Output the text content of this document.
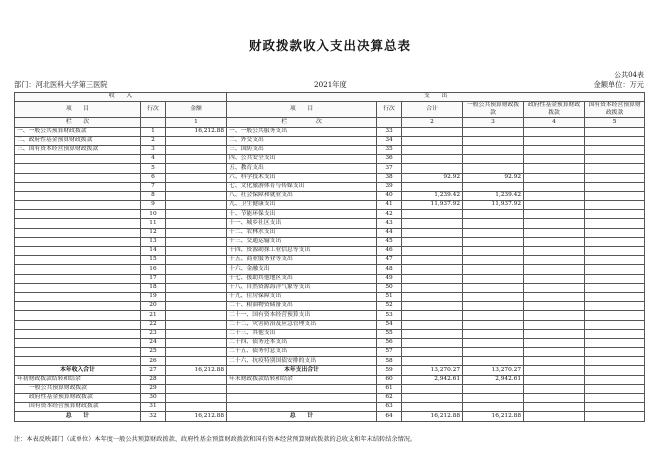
财政拨款收入支出决算总表
公共04表
部门：河北医科大学第三医院	2021年度	金额单位：万元
收　　入			支　　出					
项　　目	行次	金额	项　　目	行次	合计	一般公共预算财政拨款	政府性基金预算财政拨款	国有资本经营预算财政拨款
栏　　次		1	栏　　　　　次		2	3	4	5
一、一般公共预算财政拨款	1	16,212.88	一、一般公共服务支出	33				
二、政府性基金预算财政拨款	2		二、外交支出	34				
三、国有资本经营预算财政拨款	3		三、国防支出	35				
	4		四、公共安全支出	36				
	5		五、教育支出	37				
	6		六、科学技术支出	38	92.92	92.92		
	7		七、文化旅游体育与传媒支出	39				
	8		八、社会保障和就业支出	40	1,239.42	1,239.42		
	9		九、卫生健康支出	41	11,937.92	11,937.92		
	10		十、节能环保支出	42				
	11		十一、城乡社区支出	43				
	12		十二、农林水支出	44				
	13		十三、交通运输支出	45				
	14		十四、资源勘探工业信息等支出	46				
	15		十五、商业服务业等支出	47				
	16		十六、金融支出	48				
	17		十七、援助其他地区支出	49				
	18		十八、自然资源海洋气象等支出	50				
	19		十九、住房保障支出	51				
	20		二十、粮油物资储备支出	52				
	21		二十一、国有资本经营预算支出	53				
	22		二十二、灾害防治及应急管理支出	54				
	23		二十三、其他支出	55				
	24		二十四、债务还本支出	56				
	25		二十五、债务付息支出	57				
	26		二十六、抗疫特别国债安排的支出	58				
本年收入合计	27	16,212.88	本年支出合计	59	13,270.27	13,270.27		
年初财政拨款结转和结余	28		年末财政拨款结转和结余	60	2,942.61	2,942.61		
一般公共预算财政拨款	29			61				
政府性基金预算财政拨款	30			62				
国有资本经营预算财政拨款	31			63				
总　　计	32	16,212.88	总　　计	64	16,212.88	16,212.88		
注：本表反映部门（或单位）本年度一般公共预算财政拨款、政府性基金预算财政拨款和国有资本经营预算财政拨款的总收支和年末结转结余情况。
